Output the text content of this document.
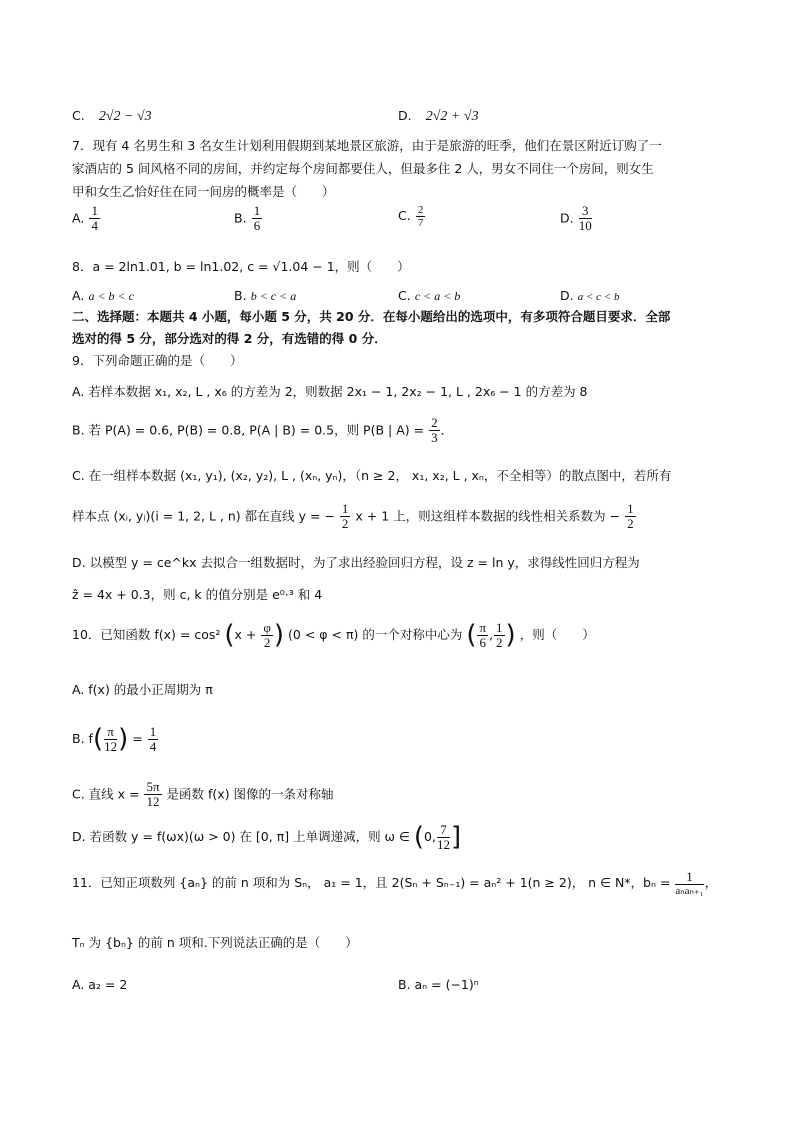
C. 2√2 − √3	D. 2√2 + √3
7．现有 4 名男生和 3 名女生计划利用假期到某地景区旅游，由于是旅游的旺季，他们在景区附近订购了一
家酒店的 5 间风格不同的房间，并约定每个房间都要住人，但最多住 2 人，男女不同住一个房间，则女生
甲和女生乙恰好住在同一间房的概率是（　　）
A. $\frac{1}{4}$	B. $\frac{1}{6}$	C. $\frac{2}{7}$	D. $\frac{3}{10}$
8．a = 2ln1.01, b = ln1.02, c = √1.04 − 1，则（　　）
A. a < b < c	B. b < c < a	C. c < a < b	D. a < c < b
二、选择题：本题共 4 小题，每小题 5 分，共 20 分．在每小题给出的选项中，有多项符合题目要求．全部
选对的得 5 分，部分选对的得 2 分，有选错的得 0 分．
9．下列命题正确的是（　　）
A. 若样本数据 x₁, x₂, L , x₆ 的方差为 2，则数据 2x₁ − 1, 2x₂ − 1, L , 2x₆ − 1 的方差为 8
B. 若 P(A) = 0.6, P(B) = 0.8, P(A | B) = 0.5，则 P(B | $A) = \frac{2}{3}$ ．
C. 在一组样本数据 (x₁, y₁), (x₂, y₂), L , (xₙ, yₙ)，（n ≥ 2， x₁, x₂, L , xₙ，不全相等）的散点图中，若所有
样本点 (xᵢ, yᵢ)(i = 1, 2, L , n) 都在直线 y = − $\frac{1}{2}$ x + 1 上，则这组样本数据的线性相关系数为 − $\frac{1}{2}$
D. 以模型 y = ce^kx 去拟合一组数据时，为了求出经验回归方程，设 z = ln y，求得线性回归方程为
ẑ = 4x + 0.3，则 c, k 的值分别是 e⁰·³ 和 4
10．已知函数 f(x) = cos² ($x + \frac{\varphi}{2}$ ) (0 < φ < π) 的一个对称中心为 ( $\frac{\pi}{6}$ , $\frac{1}{2}$ ) ，则（　　）
A. f(x) 的最小正周期为 π
B. $f( \frac{\pi}{12}$ ) = $\frac{1}{4}$
C. 直线 $x = \frac{5\pi}{12}$ 是函数 f(x) 图像的一条对称轴
D. 若函数 y = f(ωx)(ω > 0) 在 [0, π] 上单调递减，则 ω ∈ (0, $\frac{7}{12}$ ]
11．已知正项数列 {aₙ} 的前 n 项和为 Sₙ， a₁ = 1，且 2(Sₙ + Sₙ₋₁) = aₙ² + 1(n ≥ 2)， n ∈ N*，$b_n = \frac{1}{\text{aₙaₙ₊₁}}$ ，
Tₙ 为 {bₙ} 的前 n 项和.下列说法正确的是（　　）
A. a₂ = 2	B. aₙ = (−1)ⁿ
